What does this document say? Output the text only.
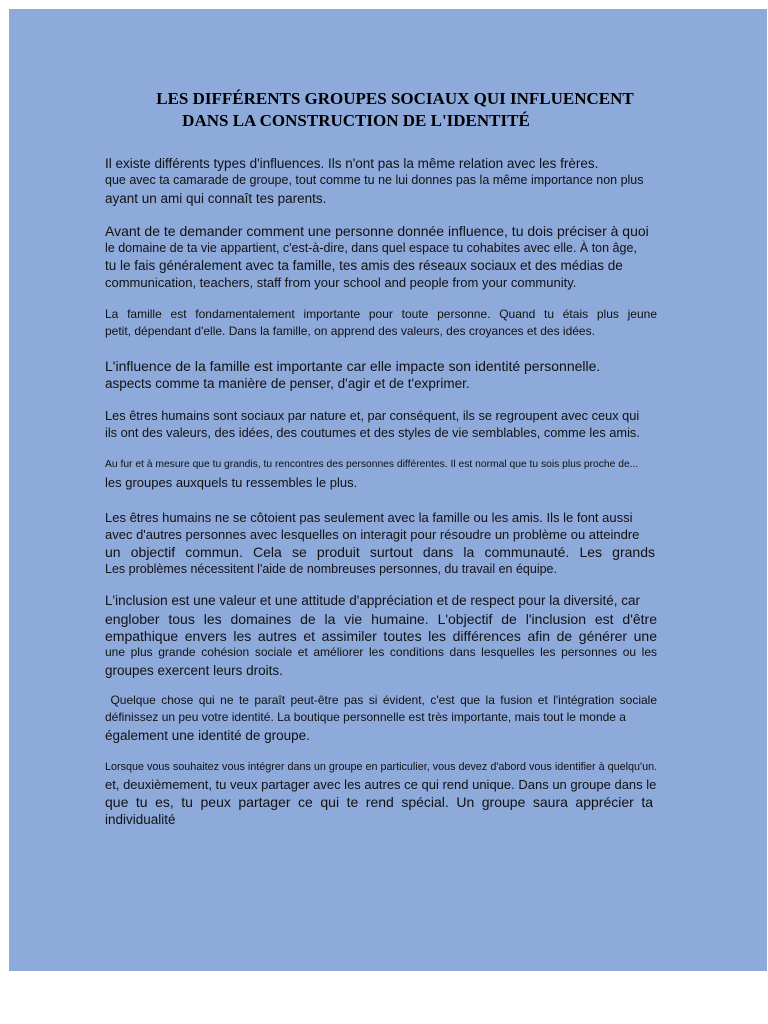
LES DIFFÉRENTS GROUPES SOCIAUX QUI INFLUENCENT
DANS LA CONSTRUCTION DE L'IDENTITÉ
Il existe différents types d'influences. Ils n'ont pas la même relation avec les frères.
que avec ta camarade de groupe, tout comme tu ne lui donnes pas la même importance non plus
ayant un ami qui connaît tes parents.
Avant de te demander comment une personne donnée influence, tu dois préciser à quoi
le domaine de ta vie appartient, c'est-à-dire, dans quel espace tu cohabites avec elle. À ton âge,
tu le fais généralement avec ta famille, tes amis des réseaux sociaux et des médias de
communication, teachers, staff from your school and people from your community.
La famille est fondamentalement importante pour toute personne. Quand tu étais plus jeune
petit, dépendant d'elle. Dans la famille, on apprend des valeurs, des croyances et des idées.
L'influence de la famille est importante car elle impacte son identité personnelle.
aspects comme ta manière de penser, d'agir et de t'exprimer.
Les êtres humains sont sociaux par nature et, par conséquent, ils se regroupent avec ceux qui
ils ont des valeurs, des idées, des coutumes et des styles de vie semblables, comme les amis.
Au fur et à mesure que tu grandis, tu rencontres des personnes différentes. Il est normal que tu sois plus proche de...
les groupes auxquels tu ressembles le plus.
Les êtres humains ne se côtoient pas seulement avec la famille ou les amis. Ils le font aussi
avec d'autres personnes avec lesquelles on interagit pour résoudre un problème ou atteindre
un objectif commun. Cela se produit surtout dans la communauté. Les grands
Les problèmes nécessitent l'aide de nombreuses personnes, du travail en équipe.
L'inclusion est une valeur et une attitude d'appréciation et de respect pour la diversité, car
englober tous les domaines de la vie humaine. L'objectif de l'inclusion est d'être
empathique envers les autres et assimiler toutes les différences afin de générer une
une plus grande cohésion sociale et améliorer les conditions dans lesquelles les personnes ou les
groupes exercent leurs droits.
Quelque chose qui ne te paraît peut-être pas si évident, c'est que la fusion et l'intégration sociale
définissez un peu votre identité. La boutique personnelle est très importante, mais tout le monde a
également une identité de groupe.
Lorsque vous souhaitez vous intégrer dans un groupe en particulier, vous devez d'abord vous identifier à quelqu'un.
et, deuxièmement, tu veux partager avec les autres ce qui rend unique. Dans un groupe dans le
que tu es, tu peux partager ce qui te rend spécial. Un groupe saura apprécier ta
individualité
